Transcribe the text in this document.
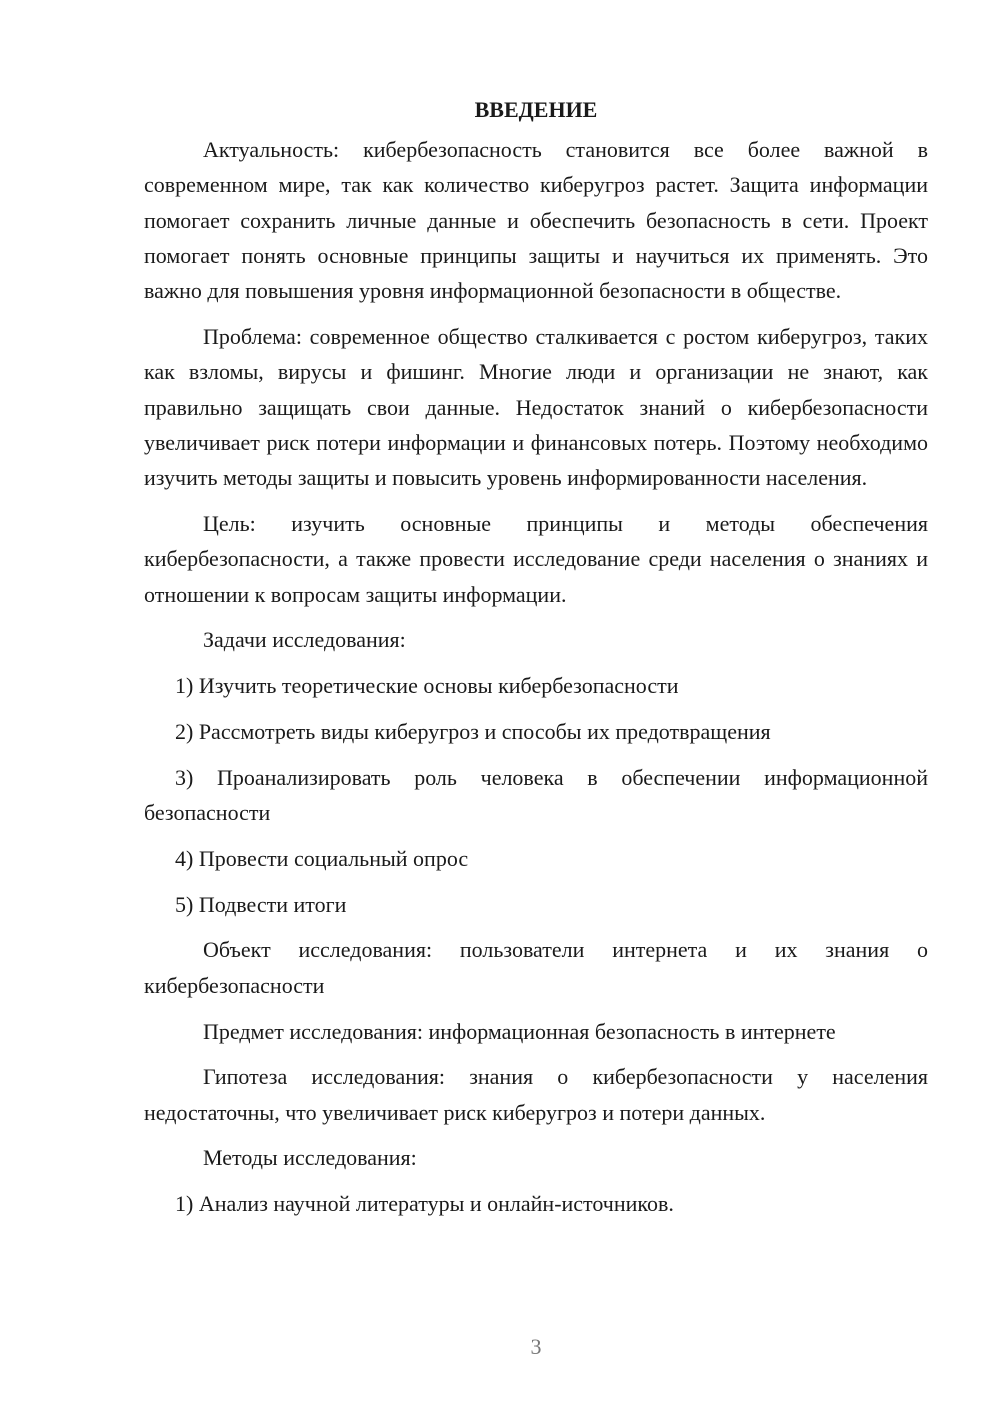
ВВЕДЕНИЕ

Актуальность: кибербезопасность становится все более важной в современном мире, так как количество киберугроз растет. Защита информации помогает сохранить личные данные и обеспечить безопасность в сети. Проект помогает понять основные принципы защиты и научиться их применять. Это важно для повышения уровня информационной безопасности в обществе.

Проблема: современное общество сталкивается с ростом киберугроз, таких как взломы, вирусы и фишинг. Многие люди и организации не знают, как правильно защищать свои данные. Недостаток знаний о кибербезопасности увеличивает риск потери информации и финансовых потерь. Поэтому необходимо изучить методы защиты и повысить уровень информированности населения.

Цель: изучить основные принципы и методы обеспечения кибербезопасности, а также провести исследование среди населения о знаниях и отношении к вопросам защиты информации.

Задачи исследования:

1) Изучить теоретические основы кибербезопасности

2) Рассмотреть виды киберугроз и способы их предотвращения

3) Проанализировать роль человека в обеспечении информационной безопасности

4) Провести социальный опрос

5) Подвести итоги

Объект исследования: пользователи интернета и их знания о кибербезопасности

Предмет исследования: информационная безопасность в интернете

Гипотеза исследования: знания о кибербезопасности у населения недостаточны, что увеличивает риск киберугроз и потери данных.

Методы исследования:

1) Анализ научной литературы и онлайн-источников.

3
